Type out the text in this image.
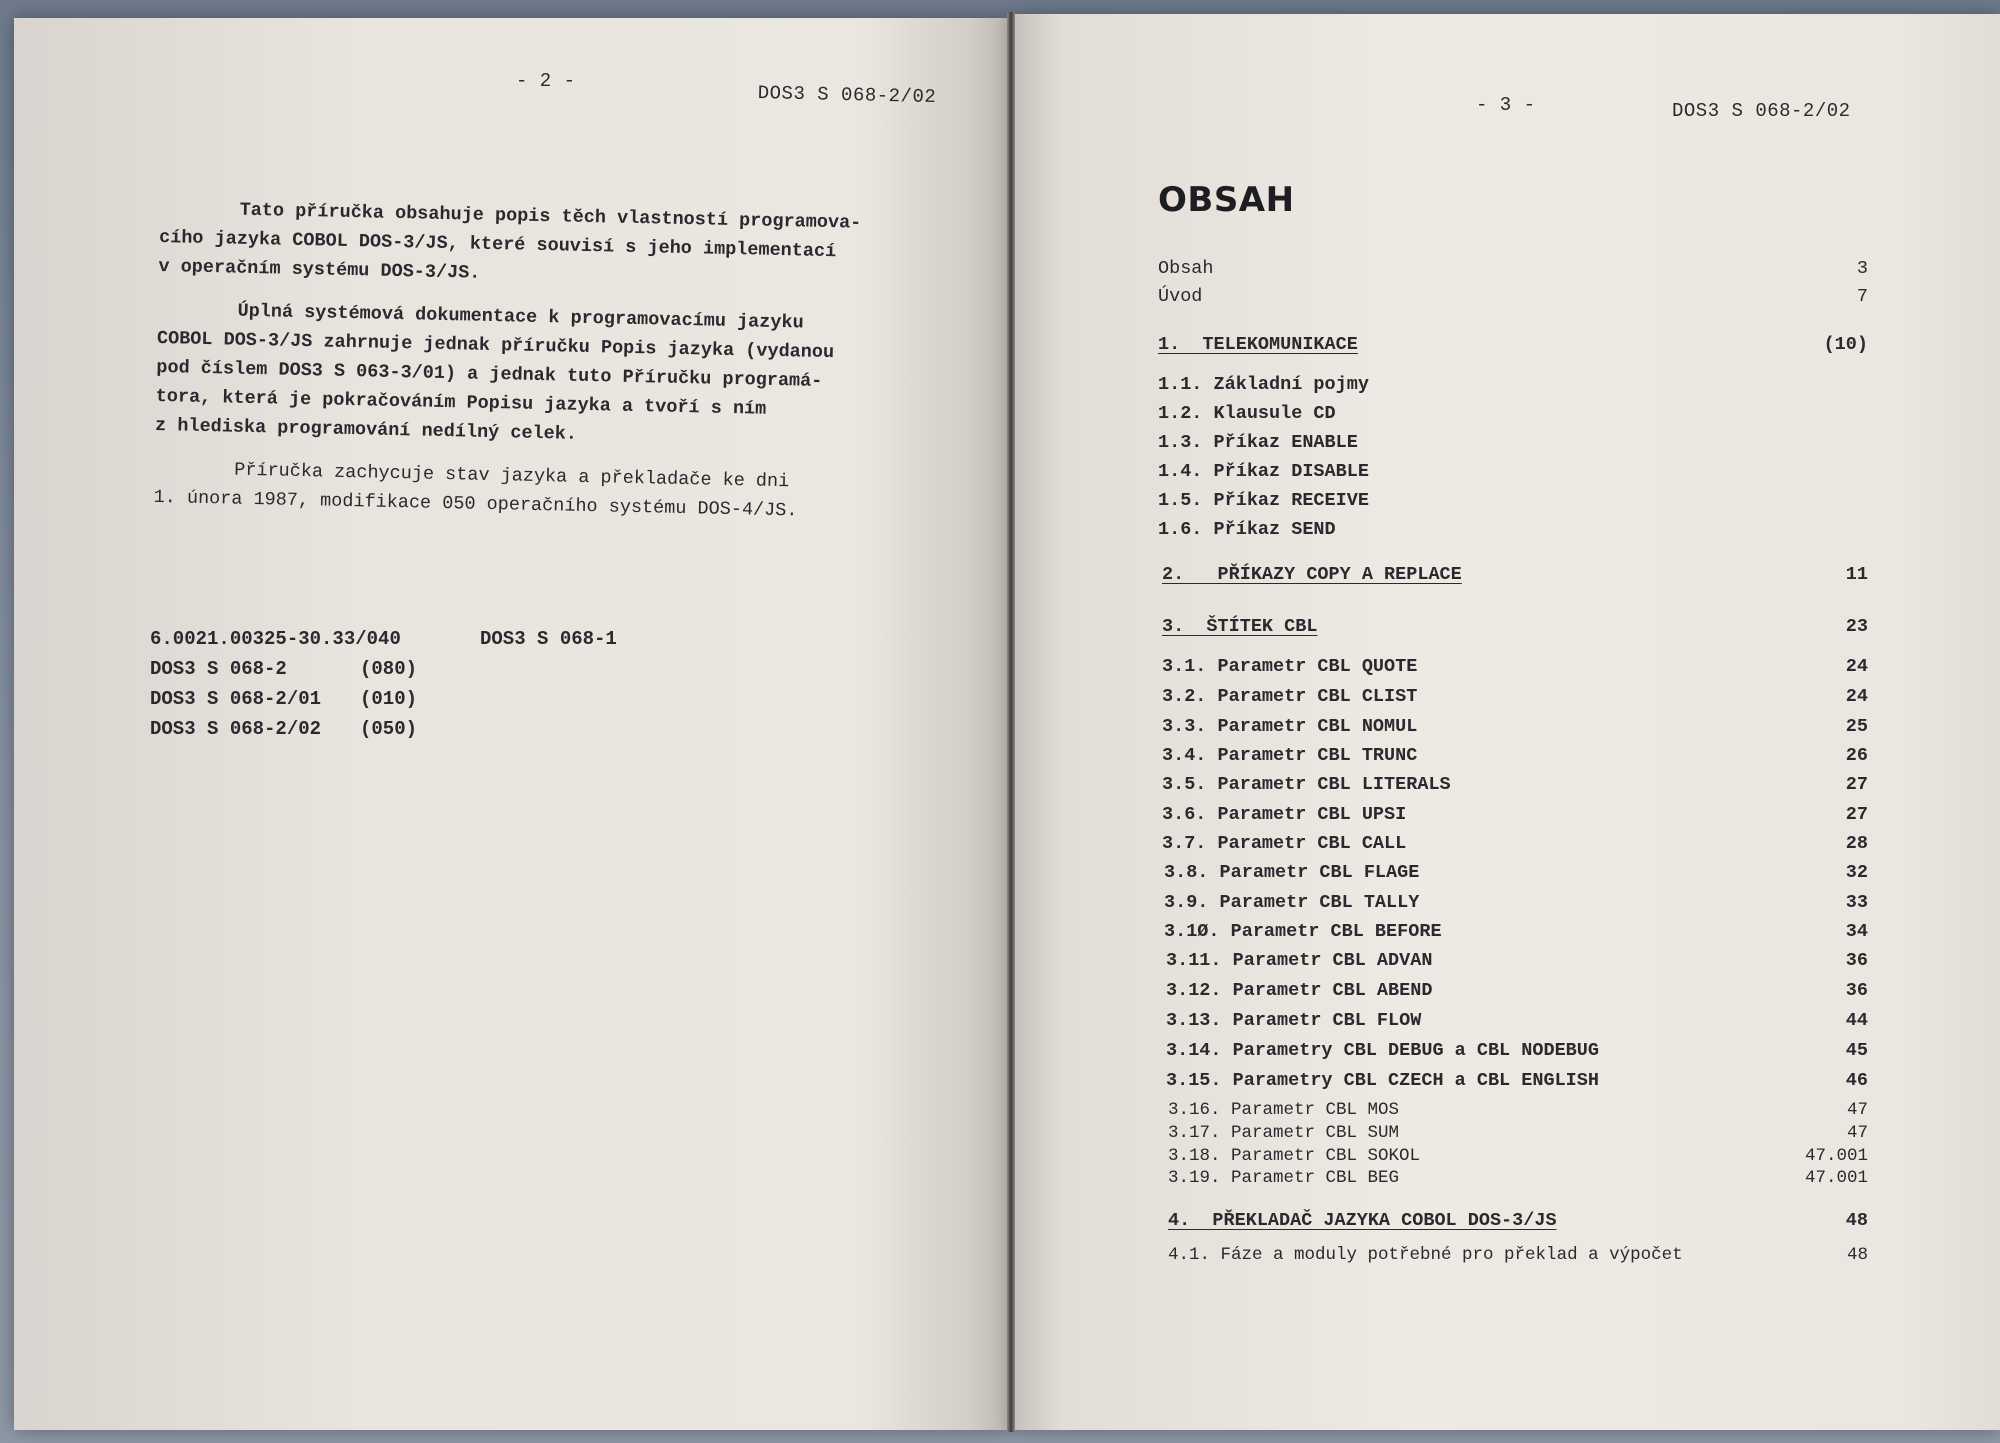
- 2 -
DOS3 S 068-2/02

Tato příručka obsahuje popis těch vlastností programova-

cího jazyka COBOL DOS-3/JS, které souvisí s jeho implementací

v operačním systému DOS-3/JS.

Úplná systémová dokumentace k programovacímu jazyku

COBOL DOS-3/JS zahrnuje jednak příručku Popis jazyka (vydanou

pod číslem DOS3 S 063-3/01) a jednak tuto Příručku programá-

tora, která je pokračováním Popisu jazyka a tvoří s ním

z hlediska programování nedílný celek.

Příručka zachycuje stav jazyka a překladače ke dni

1. února 1987, modifikace 050 operačního systému DOS-4/JS.

6.0021.00325-30.33/040	DOS3 S 068-1
DOS3 S 068-2	(080)
DOS3 S 068-2/01	(010)
DOS3 S 068-2/02	(050)
- 3 -	DOS3 S 068-2/02
OBSAH
Obsah	3
Úvod	7
1.  TELEKOMUNIKACE	(10)
1.1. Základní pojmy
1.2. Klausule CD
1.3. Příkaz ENABLE
1.4. Příkaz DISABLE
1.5. Příkaz RECEIVE
1.6. Příkaz SEND
2.   PŘÍKAZY COPY A REPLACE	11
3.  ŠTÍTEK CBL	23
3.1. Parametr CBL QUOTE	24
3.2. Parametr CBL CLIST	24
3.3. Parametr CBL NOMUL	25
3.4. Parametr CBL TRUNC	26
3.5. Parametr CBL LITERALS	27
3.6. Parametr CBL UPSI	27
3.7. Parametr CBL CALL	28
3.8. Parametr CBL FLAGE	32
3.9. Parametr CBL TALLY	33
3.1Ø. Parametr CBL BEFORE	34
3.11. Parametr CBL ADVAN	36
3.12. Parametr CBL ABEND	36
3.13. Parametr CBL FLOW	44
3.14. Parametry CBL DEBUG a CBL NODEBUG	45
3.15. Parametry CBL CZECH a CBL ENGLISH	46
3.16. Parametr CBL MOS	47
3.17. Parametr CBL SUM	47
3.18. Parametr CBL SOKOL	47.001
3.19. Parametr CBL BEG	47.001
4.  PŘEKLADAČ JAZYKA COBOL DOS-3/JS	48
4.1. Fáze a moduly potřebné pro překlad a výpočet	48
